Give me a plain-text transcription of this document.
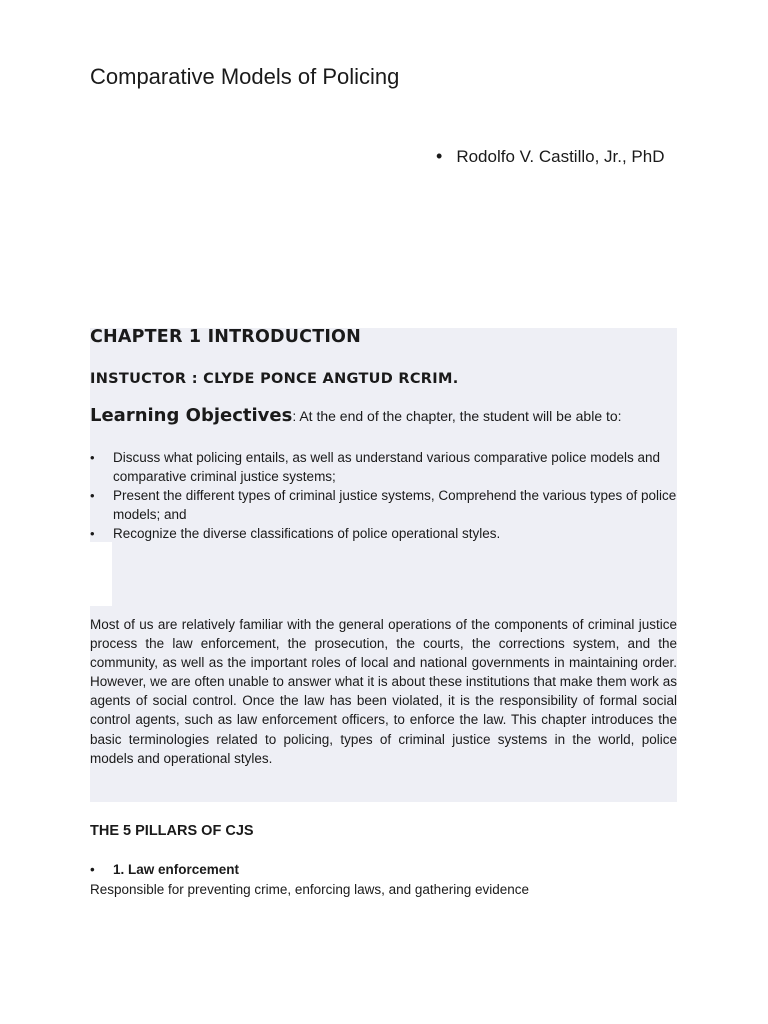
Comparative Models of Policing
• Rodolfo V. Castillo, Jr., PhD
CHAPTER 1 INTRODUCTION
INSTUCTOR : CLYDE PONCE ANGTUD RCRIM.
Learning Objectives: At the end of the chapter, the student will be able to:
• Discuss what policing entails, as well as understand various comparative police models and comparative criminal justice systems;
• Present the different types of criminal justice systems, Comprehend the various types of police models; and
• Recognize the diverse classifications of police operational styles.

Most of us are relatively familiar with the general operations of the components of criminal justice process the law enforcement, the prosecution, the courts, the corrections system, and the community, as well as the important roles of local and national governments in maintaining order. However, we are often unable to answer what it is about these institutions that make them work as agents of social control. Once the law has been violated, it is the responsibility of formal social control agents, such as law enforcement officers, to enforce the law. This chapter introduces the basic terminologies related to policing, types of criminal justice systems in the world, police models and operational styles.

THE 5 PILLARS OF CJS
•	1. Law enforcement

Responsible for preventing crime, enforcing laws, and gathering evidence
